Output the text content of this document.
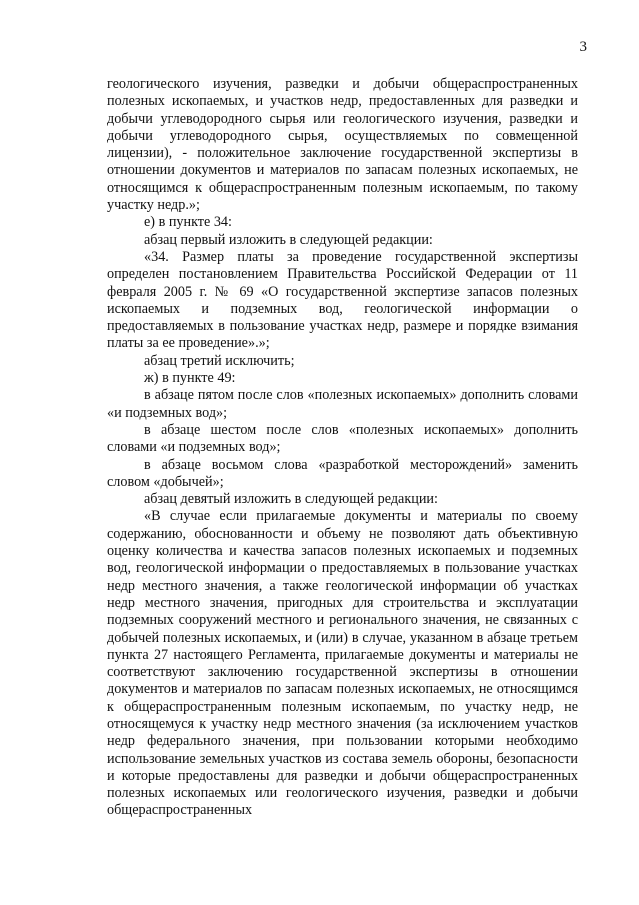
3

геологического изучения, разведки и добычи общераспространенных полезных ископаемых, и участков недр, предоставленных для разведки и добычи углеводородного сырья или геологического изучения, разведки и добычи углеводородного сырья, осуществляемых по совмещенной лицензии), - положительное заключение государственной экспертизы в отношении документов и материалов по запасам полезных ископаемых, не относящимся к общераспространенным полезным ископаемым, по такому участку недр.»;

е) в пункте 34:

абзац первый изложить в следующей редакции:

«34. Размер платы за проведение государственной экспертизы определен постановлением Правительства Российской Федерации от 11 февраля 2005 г. № 69 «О государственной экспертизе запасов полезных ископаемых и подземных вод, геологической информации о предоставляемых в пользование участках недр, размере и порядке взимания платы за ее проведение».»;

абзац третий исключить;

ж) в пункте 49:

в абзаце пятом после слов «полезных ископаемых» дополнить словами «и подземных вод»;

в абзаце шестом после слов «полезных ископаемых» дополнить словами «и подземных вод»;

в абзаце восьмом слова «разработкой месторождений» заменить словом «добычей»;

абзац девятый изложить в следующей редакции:

«В случае если прилагаемые документы и материалы по своему содержанию, обоснованности и объему не позволяют дать объективную оценку количества и качества запасов полезных ископаемых и подземных вод, геологической информации о предоставляемых в пользование участках недр местного значения, а также геологической информации об участках недр местного значения, пригодных для строительства и эксплуатации подземных сооружений местного и регионального значения, не связанных с добычей полезных ископаемых, и (или) в случае, указанном в абзаце третьем пункта 27 настоящего Регламента, прилагаемые документы и материалы не соответствуют заключению государственной экспертизы в отношении документов и материалов по запасам полезных ископаемых, не относящимся к общераспространенным полезным ископаемым, по участку недр, не относящемуся к участку недр местного значения (за исключением участков недр федерального значения, при пользовании которыми необходимо использование земельных участков из состава земель обороны, безопасности и которые предоставлены для разведки и добычи общераспространенных полезных ископаемых или геологического изучения, разведки и добычи общераспространенных
